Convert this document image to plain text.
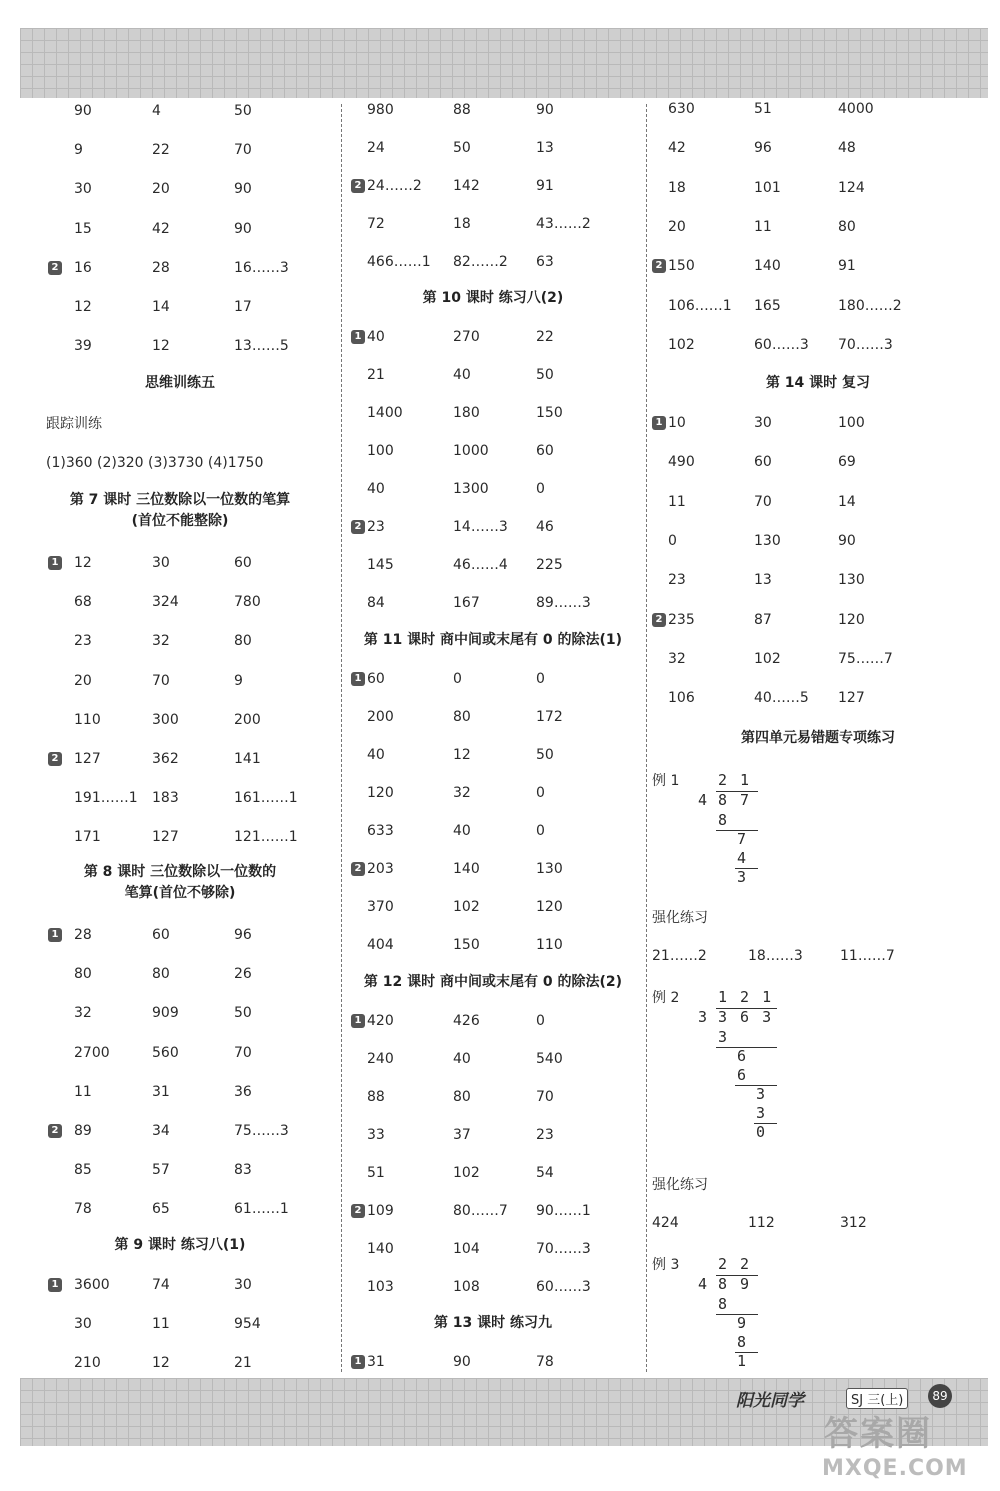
90	4	50
9	22	70
30	20	90
15	42	90
2 16	28	16……3
12	14	17
39	12	13……5
思维训练五
跟踪训练
(1)360 (2)320 (3)3730 (4)1750
第 7 课时 三位数除以一位数的笔算
(首位不能整除)
1 12	30	60
68	324	780
23	32	80
20	70	9
110	300	200
2 127	362	141
191……1 183	161……1
171	127	121……1
第 8 课时 三位数除以一位数的
笔算(首位不够除)
1 28	60	96
80	80	26
32	909	50
2700	560	70
11	31	36
2 89	34	75……3
85	57	83
78	65	61……1
第 9 课时 练习八(1)
1 3600	74	30
30	11	954
210	12	21
980	88	90
24	50	13
2 24……2 142	91
72	18	43……2
466……1 82……2 63
第 10 课时 练习八(2)
1 40	270	22
21	40	50
1400	180	150
100	1000	60
40	1300	0
2 23	14……3 46
145	46……4 225
84	167	89……3
第 11 课时 商中间或末尾有 0 的除法(1)
1 60	0	0
200	80	172
40	12	50
120	32	0
633	40	0
2 203	140	130
370	102	120
404	150	110
第 12 课时 商中间或末尾有 0 的除法(2)
1 420	426	0
240	40	540
88	80	70
33	37	23
51	102	54
2 109	80……7 90……1
140	104	70……3
103	108	60……3
第 13 课时 练习九
1 31	90	78
630	51	4000
42	96	48
18	101	124
20	11	80
2 150	140	91
106……1 165	180……2
102	60……3 70……3
第 14 课时 复习
1 10	30	100
490	60	69
11	70	14
0	130	90
23	13	130
2 235	87	120
32	102	75……7
106	40……5 127
第四单元易错题专项练习
例 1	2 1
4 8 7
8
7
4
3
例 2	1 2 1
3 3 6 3
3
6
6
3
3
0
例 3	2 2
4 8 9
8
9
8
1
强化练习
21……2	18……3	11……7
强化练习
424	112	312
阳光同学	SJ 三(上)	89
答案圈
MXQE.COM
